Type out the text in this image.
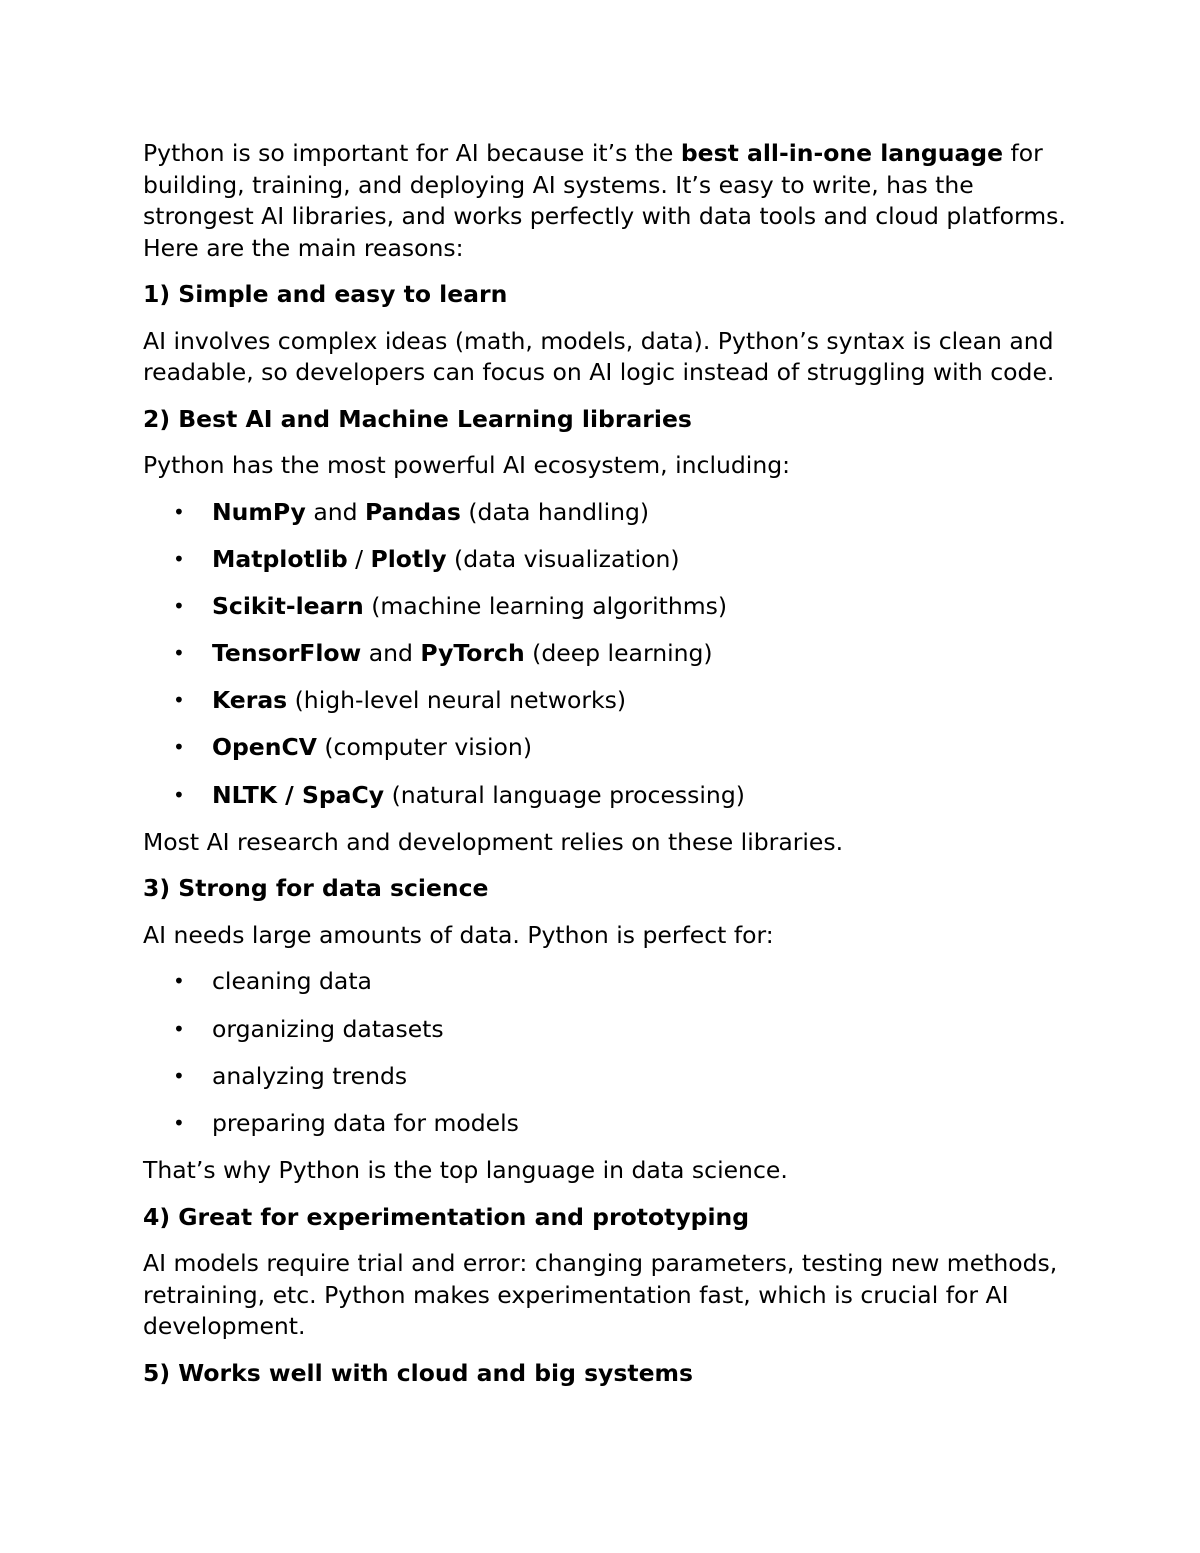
Python is so important for AI because it’s the best all-in-one language for building, training, and deploying AI systems. It’s easy to write, has the strongest AI libraries, and works perfectly with data tools and cloud platforms. Here are the main reasons:

1) Simple and easy to learn

AI involves complex ideas (math, models, data). Python’s syntax is clean and readable, so developers can focus on AI logic instead of struggling with code.

2) Best AI and Machine Learning libraries

Python has the most powerful AI ecosystem, including:

• NumPy and Pandas (data handling)
• Matplotlib / Plotly (data visualization)
• Scikit-learn (machine learning algorithms)
• TensorFlow and PyTorch (deep learning)
• Keras (high-level neural networks)
• OpenCV (computer vision)
• NLTK / SpaCy (natural language processing)

Most AI research and development relies on these libraries.

3) Strong for data science

AI needs large amounts of data. Python is perfect for:

• cleaning data
• organizing datasets
• analyzing trends
• preparing data for models

That’s why Python is the top language in data science.

4) Great for experimentation and prototyping

AI models require trial and error: changing parameters, testing new methods, retraining, etc. Python makes experimentation fast, which is crucial for AI development.

5) Works well with cloud and big systems
